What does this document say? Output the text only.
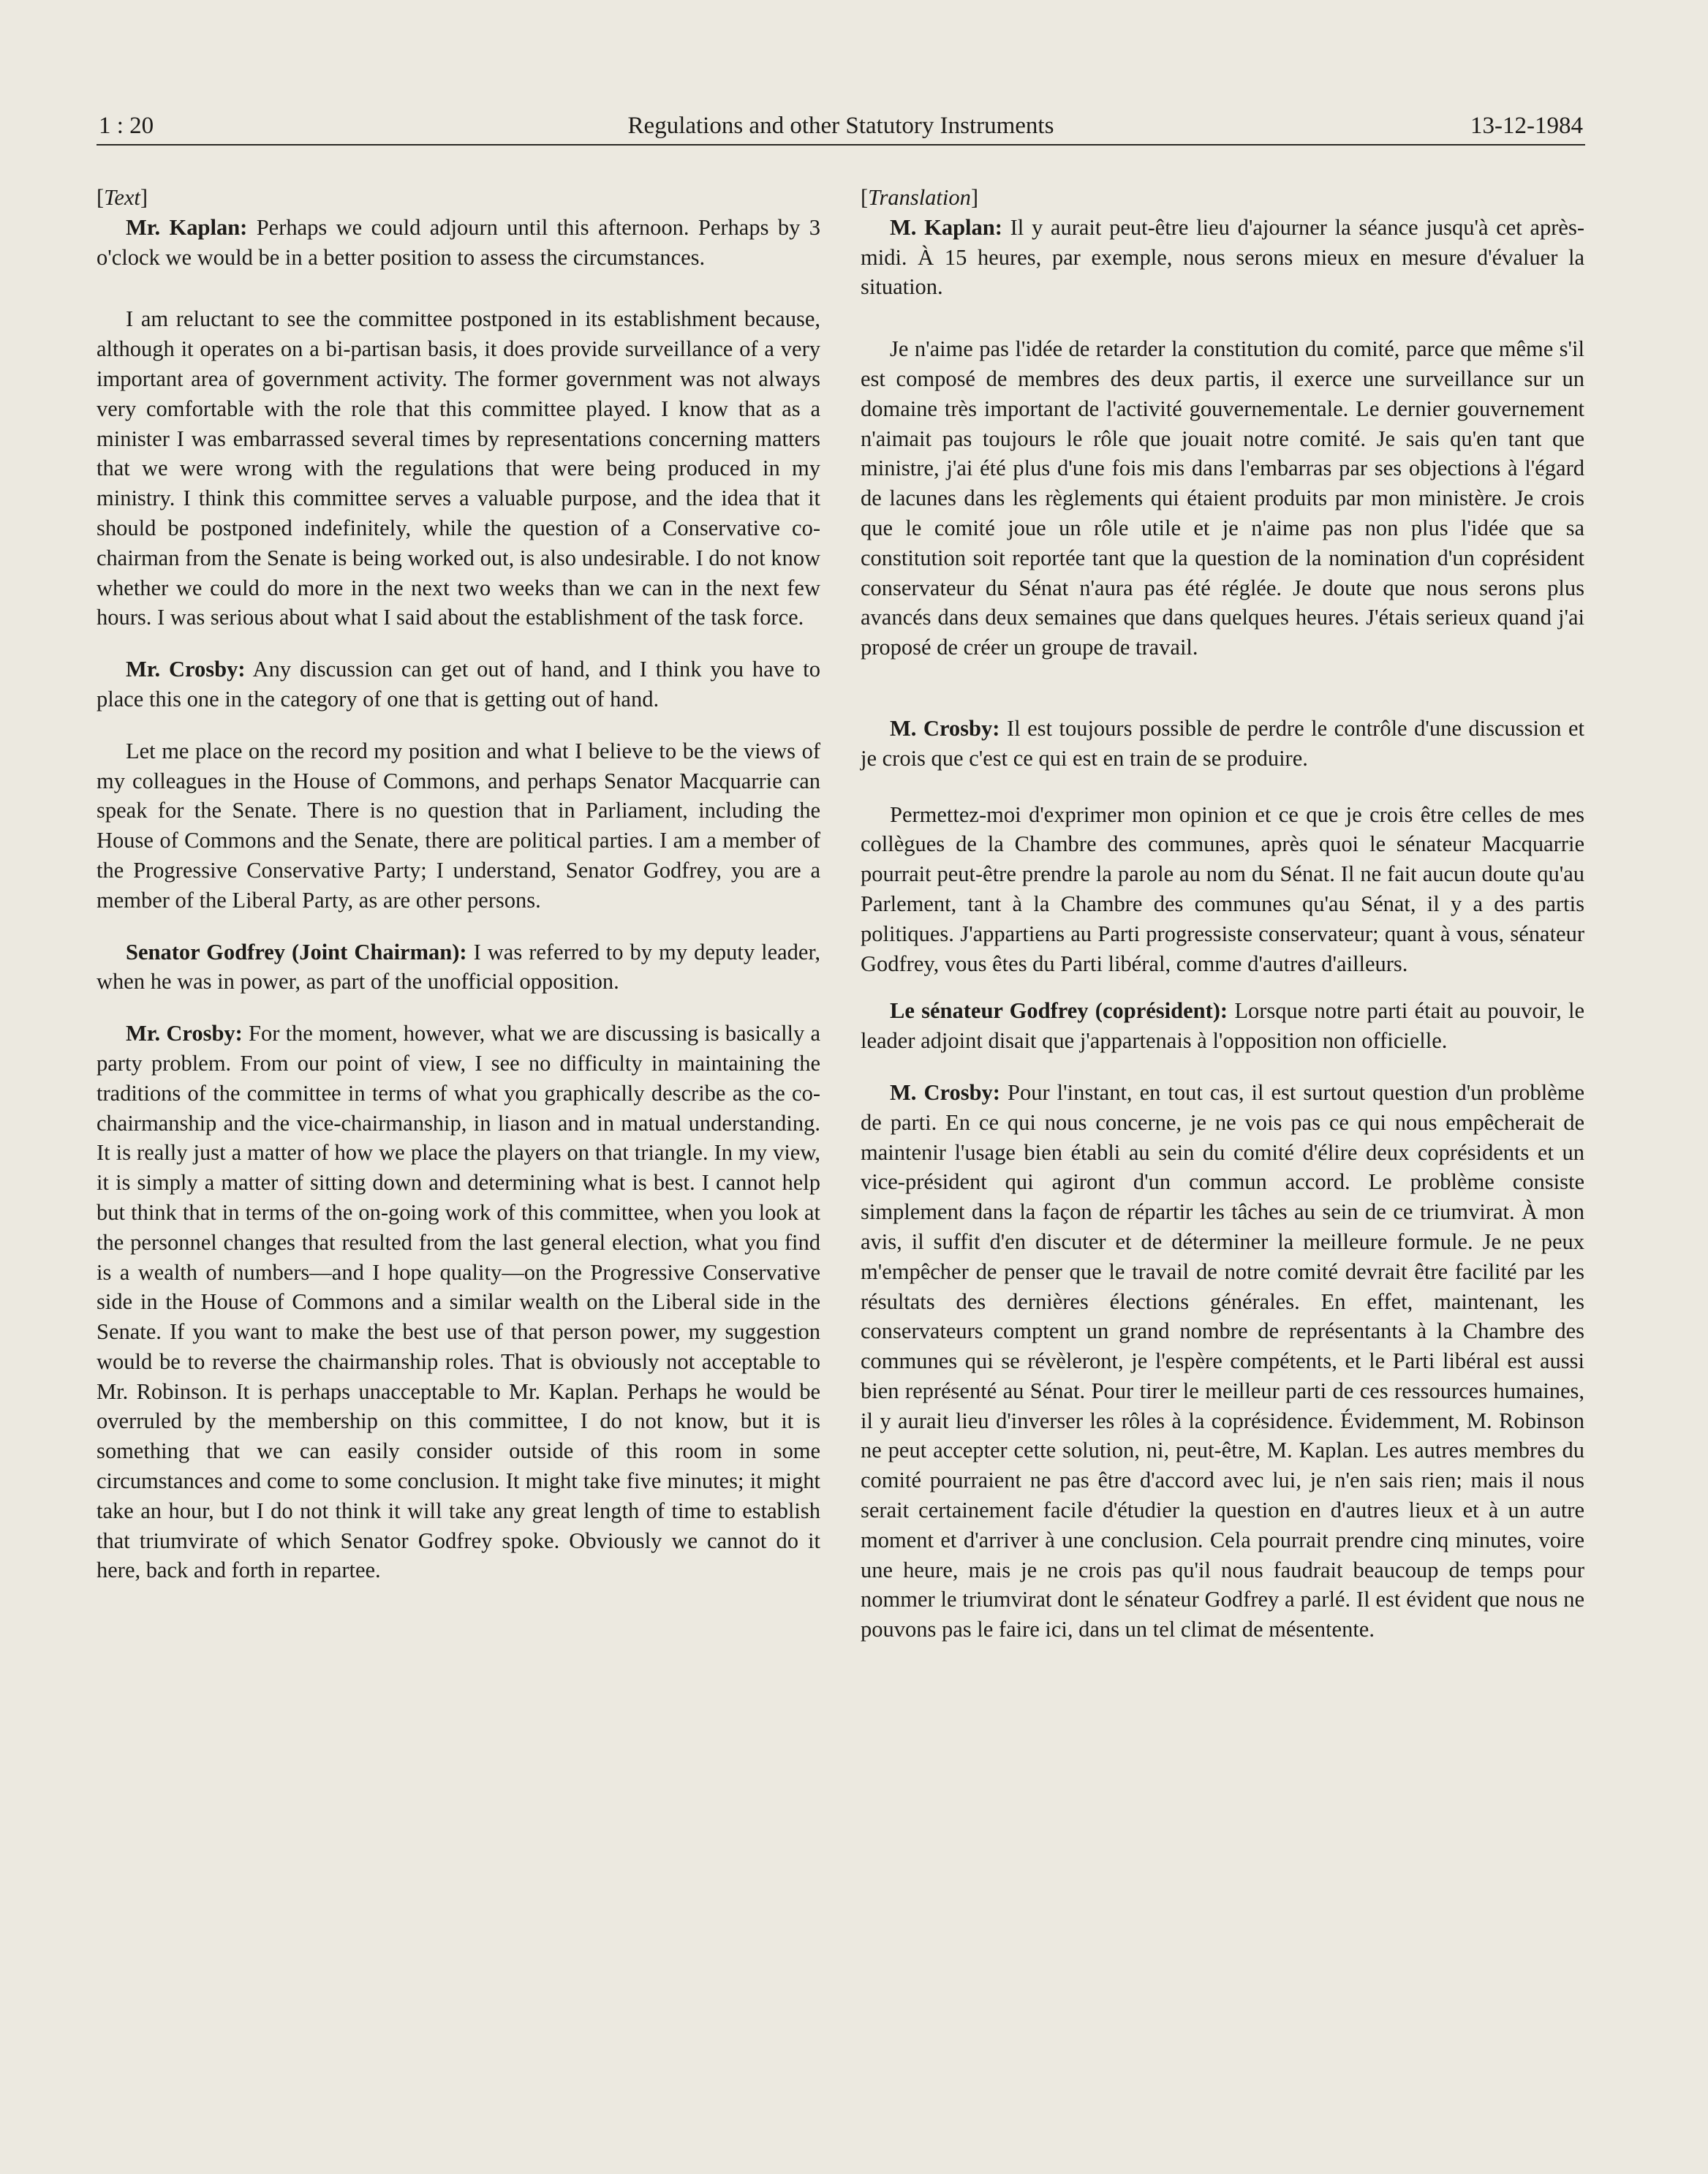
1 : 20	Regulations and other Statutory Instruments	13-12-1984

[Text]

Mr. Kaplan: Perhaps we could adjourn until this afternoon. Perhaps by 3 o'clock we would be in a better position to assess the circumstances.

I am reluctant to see the committee postponed in its establishment because, although it operates on a bi-partisan basis, it does provide surveillance of a very important area of government activity. The former government was not always very comfortable with the role that this committee played. I know that as a minister I was embarrassed several times by representations concerning matters that we were wrong with the regulations that were being produced in my ministry. I think this committee serves a valuable purpose, and the idea that it should be postponed indefinitely, while the question of a Conservative co-chairman from the Senate is being worked out, is also undesirable. I do not know whether we could do more in the next two weeks than we can in the next few hours. I was serious about what I said about the establishment of the task force.

Mr. Crosby: Any discussion can get out of hand, and I think you have to place this one in the category of one that is getting out of hand.

Let me place on the record my position and what I believe to be the views of my colleagues in the House of Commons, and perhaps Senator Macquarrie can speak for the Senate. There is no question that in Parliament, including the House of Commons and the Senate, there are political parties. I am a member of the Progressive Conservative Party; I understand, Senator Godfrey, you are a member of the Liberal Party, as are other persons.

Senator Godfrey (Joint Chairman): I was referred to by my deputy leader, when he was in power, as part of the unofficial opposition.

Mr. Crosby: For the moment, however, what we are discussing is basically a party problem. From our point of view, I see no difficulty in maintaining the traditions of the committee in terms of what you graphically describe as the co-chairmanship and the vice-chairmanship, in liason and in matual understanding. It is really just a matter of how we place the players on that triangle. In my view, it is simply a matter of sitting down and determining what is best. I cannot help but think that in terms of the on-going work of this committee, when you look at the personnel changes that resulted from the last general election, what you find is a wealth of numbers—and I hope quality—on the Progressive Conservative side in the House of Commons and a similar wealth on the Liberal side in the Senate. If you want to make the best use of that person power, my suggestion would be to reverse the chairmanship roles. That is obviously not acceptable to Mr. Robinson. It is perhaps unacceptable to Mr. Kaplan. Perhaps he would be overruled by the membership on this committee, I do not know, but it is something that we can easily consider outside of this room in some circumstances and come to some conclusion. It might take five minutes; it might take an hour, but I do not think it will take any great length of time to establish that triumvirate of which Senator Godfrey spoke. Obviously we cannot do it here, back and forth in repartee.

[Translation]

M. Kaplan: Il y aurait peut-être lieu d'ajourner la séance jusqu'à cet après-midi. À 15 heures, par exemple, nous serons mieux en mesure d'évaluer la situation.

Je n'aime pas l'idée de retarder la constitution du comité, parce que même s'il est composé de membres des deux partis, il exerce une surveillance sur un domaine très important de l'activité gouvernementale. Le dernier gouvernement n'aimait pas toujours le rôle que jouait notre comité. Je sais qu'en tant que ministre, j'ai été plus d'une fois mis dans l'embarras par ses objections à l'égard de lacunes dans les règlements qui étaient produits par mon ministère. Je crois que le comité joue un rôle utile et je n'aime pas non plus l'idée que sa constitution soit reportée tant que la question de la nomination d'un coprésident conservateur du Sénat n'aura pas été réglée. Je doute que nous serons plus avancés dans deux semaines que dans quelques heures. J'étais serieux quand j'ai proposé de créer un groupe de travail.

M. Crosby: Il est toujours possible de perdre le contrôle d'une discussion et je crois que c'est ce qui est en train de se produire.

Permettez-moi d'exprimer mon opinion et ce que je crois être celles de mes collègues de la Chambre des communes, après quoi le sénateur Macquarrie pourrait peut-être prendre la parole au nom du Sénat. Il ne fait aucun doute qu'au Parlement, tant à la Chambre des communes qu'au Sénat, il y a des partis politiques. J'appartiens au Parti progressiste conservateur; quant à vous, sénateur Godfrey, vous êtes du Parti libéral, comme d'autres d'ailleurs.

Le sénateur Godfrey (coprésident): Lorsque notre parti était au pouvoir, le leader adjoint disait que j'appartenais à l'opposition non officielle.

M. Crosby: Pour l'instant, en tout cas, il est surtout question d'un problème de parti. En ce qui nous concerne, je ne vois pas ce qui nous empêcherait de maintenir l'usage bien établi au sein du comité d'élire deux coprésidents et un vice-président qui agiront d'un commun accord. Le problème consiste simplement dans la façon de répartir les tâches au sein de ce triumvirat. À mon avis, il suffit d'en discuter et de déterminer la meilleure formule. Je ne peux m'empêcher de penser que le travail de notre comité devrait être facilité par les résultats des dernières élections générales. En effet, maintenant, les conservateurs comptent un grand nombre de représentants à la Chambre des communes qui se révèleront, je l'espère compétents, et le Parti libéral est aussi bien représenté au Sénat. Pour tirer le meilleur parti de ces ressources humaines, il y aurait lieu d'inverser les rôles à la coprésidence. Évidemment, M. Robinson ne peut accepter cette solution, ni, peut-être, M. Kaplan. Les autres membres du comité pourraient ne pas être d'accord avec lui, je n'en sais rien; mais il nous serait certainement facile d'étudier la question en d'autres lieux et à un autre moment et d'arriver à une conclusion. Cela pourrait prendre cinq minutes, voire une heure, mais je ne crois pas qu'il nous faudrait beaucoup de temps pour nommer le triumvirat dont le sénateur Godfrey a parlé. Il est évident que nous ne pouvons pas le faire ici, dans un tel climat de mésentente.
